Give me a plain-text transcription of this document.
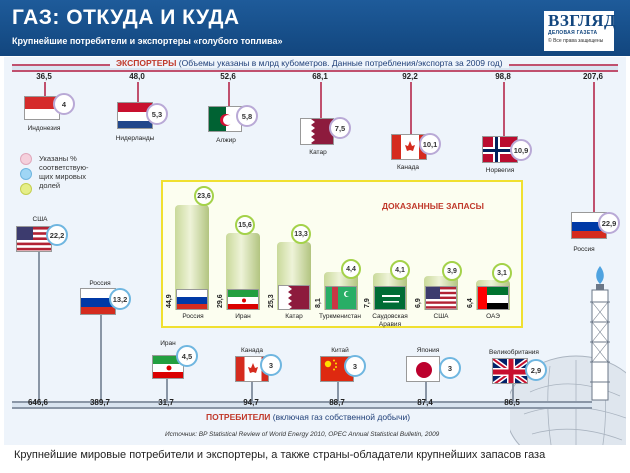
ГАЗ: ОТКУДА И КУДА
Крупнейшие потребители и экспортеры «голубого топлива»
ВЗГЛЯД
ДЕЛОВАЯ ГАЗЕТА
© Все права защищены
ЭКСПОРТЕРЫ (Объемы указаны в млрд кубометров. Данные потребления/экспорта за 2009 год)
ПОТРЕБИТЕЛИ (включая газ собственной добычи)
Источник: BP Statistical Review of World Energy 2010, OPEC Annual Statistical Bulletin, 2009
Указаны %
соответствую-
щих мировых
долей
36,5
4
Индонезия
48,0
5,3
Нидерланды
52,6
5,8
Алжир
68,1
7,5
Катар
92,2
10,1
Канада
98,8
10,9
Норвегия
207,6
22,9
Россия
ДОКАЗАННЫЕ ЗАПАСЫ
23,6
44,9
Россия
15,6
29,6
Иран
13,3
25,3
Катар
4,4
8,1
Туркменистан
4,1
7,9
Саудовская
Аравия
3,9
6,9
США
3,1
6,4
ОАЭ
США
22,2
646,6
Россия
13,2
389,7
Иран
4,5
31,7
Канада
3
94,7
Китай
3
88,7
Япония
3
87,4
Великобритания
2,9
86,5
Крупнейшие мировые потребители и экспортеры, а также страны-обладатели крупнейших запасов газа
